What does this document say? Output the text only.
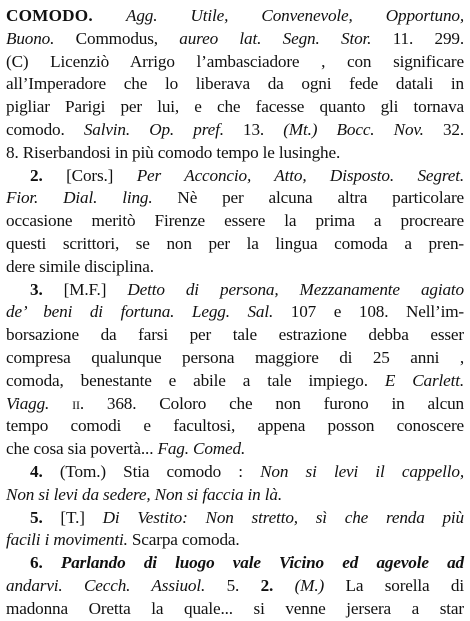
COMODO. Agg. Utile, Convenevole, Opportuno,
Buono. Commodus, aureo lat. Segn. Stor. 11. 299.
(C) Licenziò Arrigo l’ambasciadore , con significare
all’Imperadore che lo liberava da ogni fede datali in
pigliar Parigi per lui, e che facesse quanto gli tornava
comodo. Salvin. Op. pref. 13. (Mt.) Bocc. Nov. 32.
8. Riserbandosi in più comodo tempo le lusinghe.
2. [Cors.] Per Acconcio, Atto, Disposto. Segret.
Fior. Dial. ling. Nè per alcuna altra particolare
occasione meritò Firenze essere la prima a procreare
questi scrittori, se non per la lingua comoda a pren-
dere simile disciplina.
3. [M.F.] Detto di persona, Mezzanamente agiato
de’ beni di fortuna. Legg. Sal. 107 e 108. Nell’im-
borsazione da farsi per tale estrazione debba esser
compresa qualunque persona maggiore di 25 anni ,
comoda, benestante e abile a tale impiego. E Carlett.
Viagg. ii. 368. Coloro che non furono in alcun
tempo comodi e facultosi, appena posson conoscere
che cosa sia povertà... Fag. Comed.
4. (Tom.) Stia comodo : Non si levi il cappello,
Non si levi da sedere, Non si faccia in là.
5. [T.] Di Vestito: Non stretto, sì che renda più
facili i movimenti. Scarpa comoda.
6. Parlando di luogo vale Vicino ed agevole ad
andarvi. Cecch. Assiuol. 5. 2. (M.) La sorella di
madonna Oretta la quale... si venne jersera a star
